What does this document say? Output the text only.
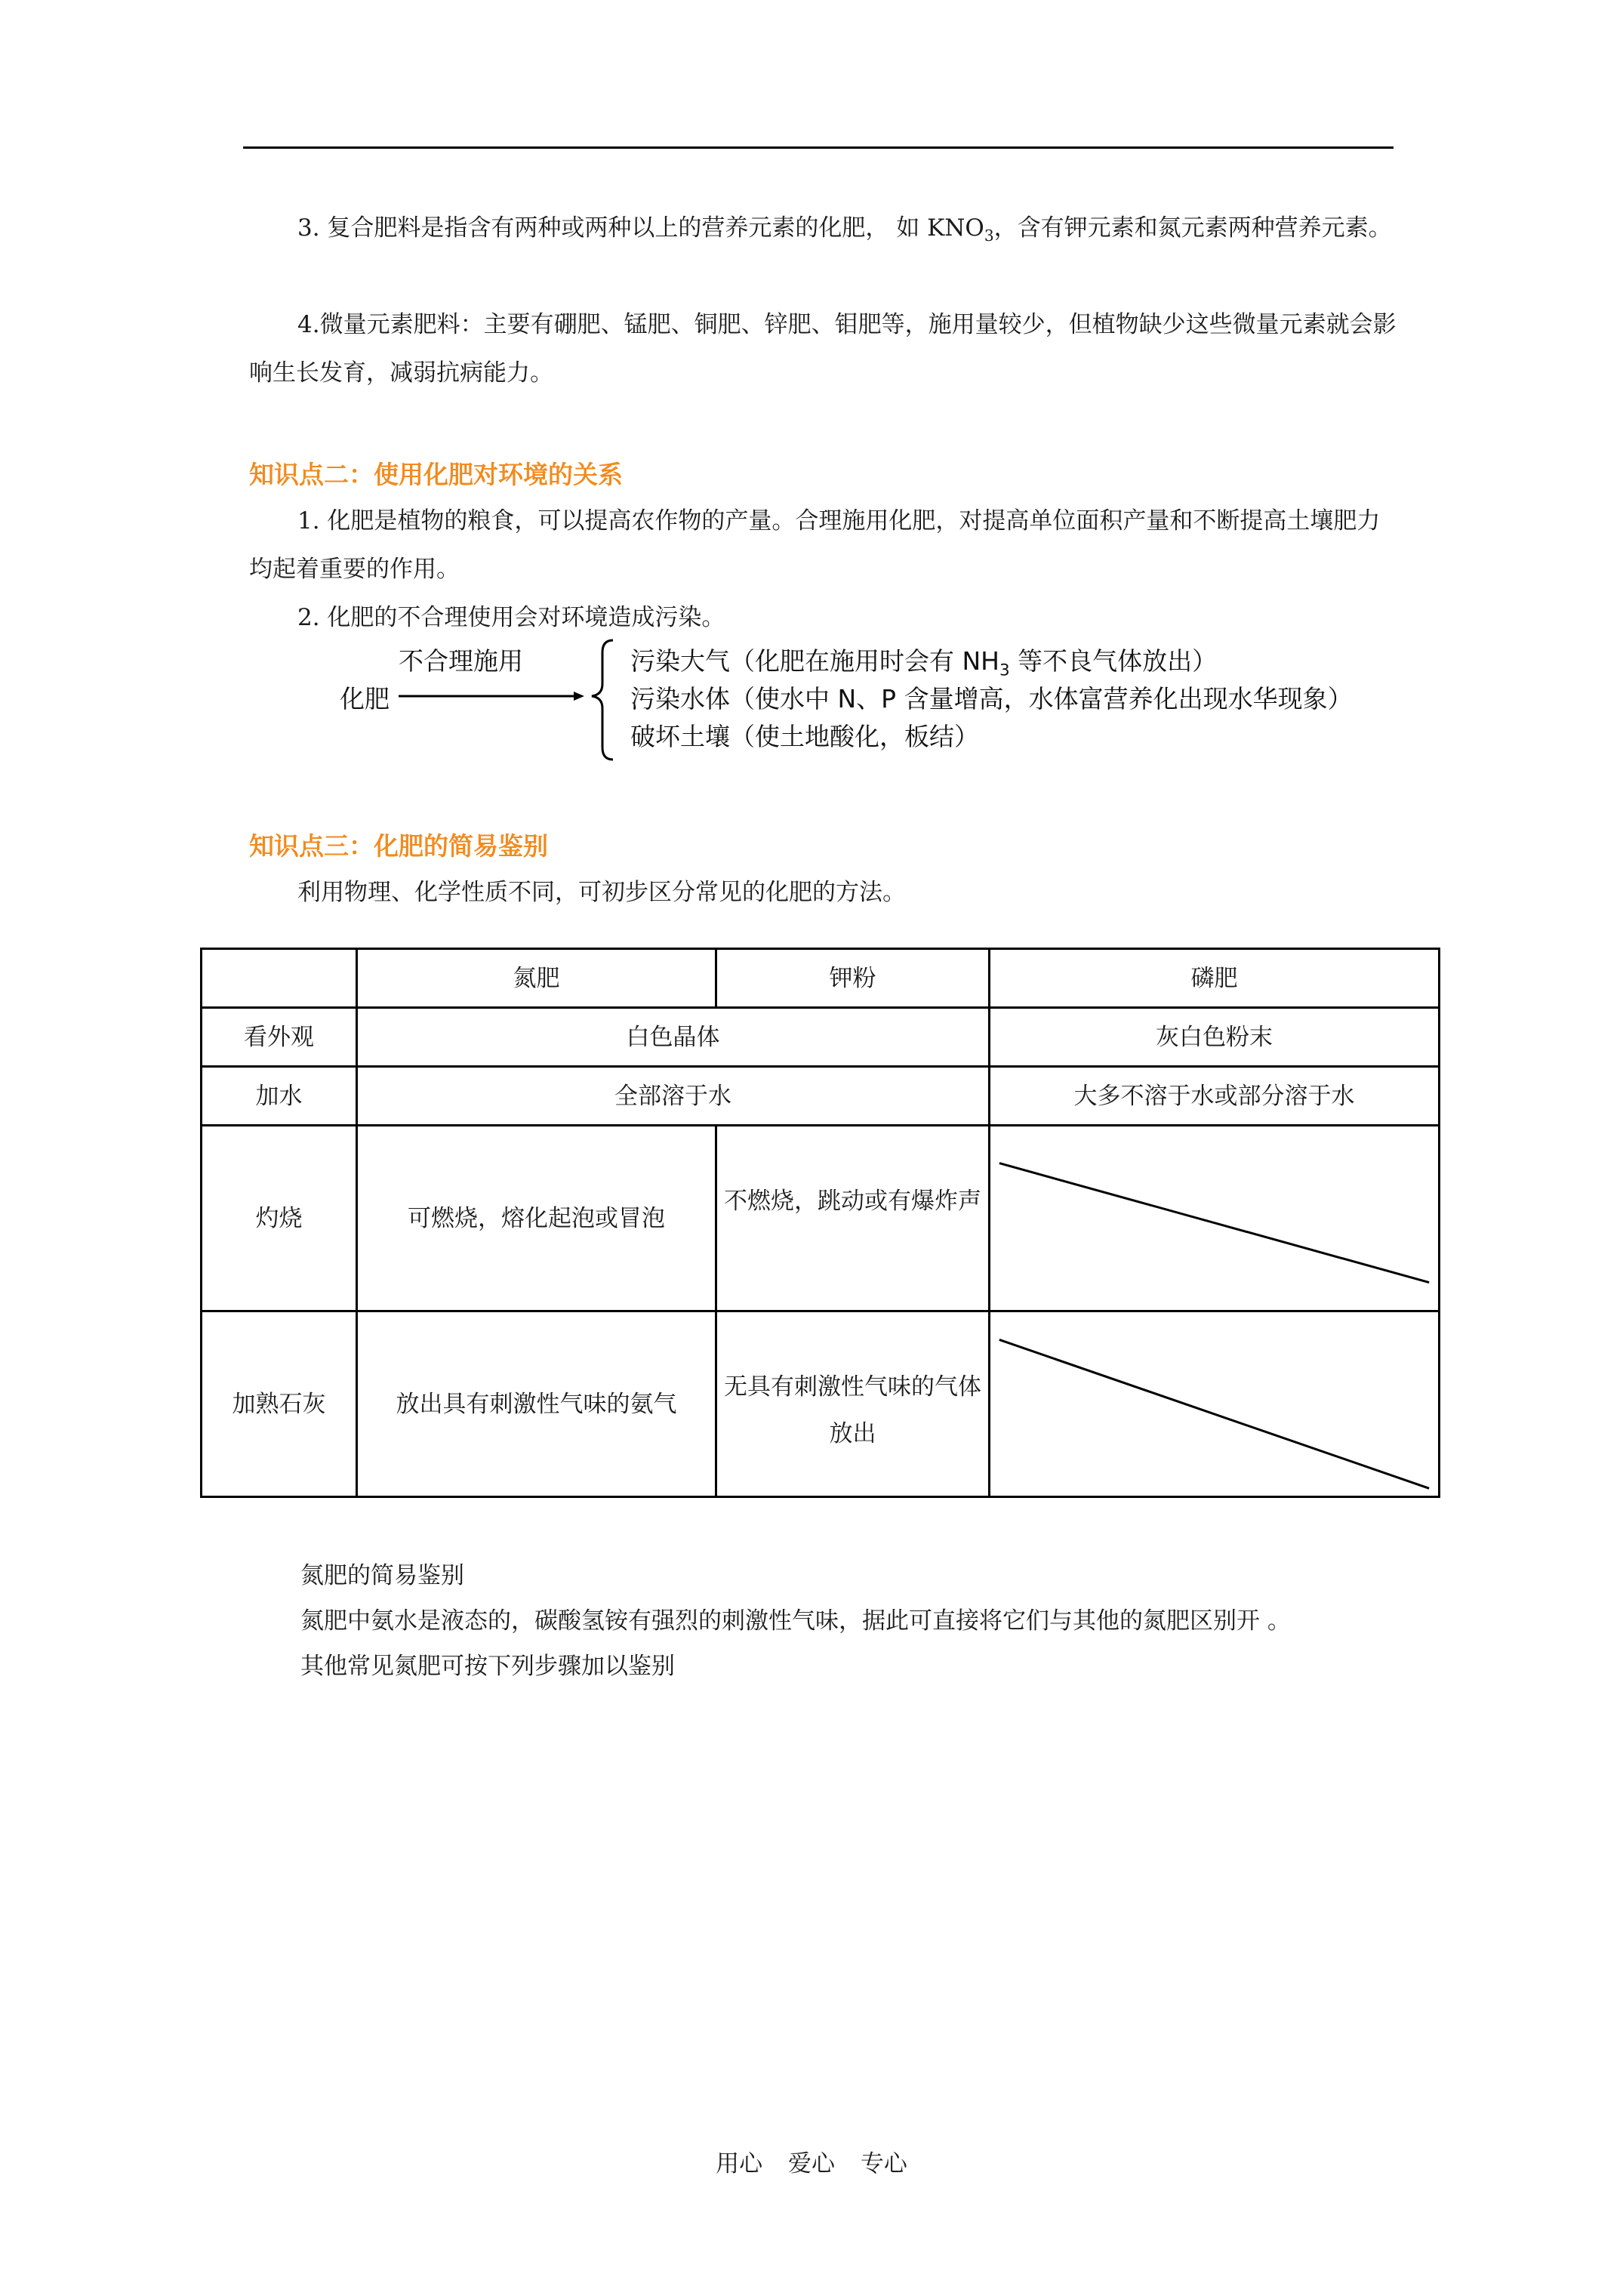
3. 复合肥料是指含有两种或两种以上的营养元素的化肥， 如 $KNO_3$，含有钾元素和氮元素两种营养元素。

4.微量元素肥料：主要有硼肥、锰肥、铜肥、锌肥、钼肥等，施用量较少，但植物缺少这些微量元素就会影响生长发育，减弱抗病能力。

知识点二：使用化肥对环境的关系

1. 化肥是植物的粮食，可以提高农作物的产量。合理施用化肥，对提高单位面积产量和不断提高土壤肥力均起着重要的作用。

2. 化肥的不合理使用会对环境造成污染。

化肥
不合理施用	污染大气（化肥在施用时会有 $NH_3$ 等不良气体放出）
污染水体（使水中 N、P 含量增高，水体富营养化出现水华现象）
破坏土壤（使土地酸化，板结）
知识点三：化肥的简易鉴别

利用物理、化学性质不同，可初步区分常见的化肥的方法。

	氮肥	钾粉	磷肥
看外观	白色晶体		灰白色粉末
加水	全部溶于水		大多不溶于水或部分溶于水
灼烧	可燃烧，熔化起泡或冒泡	不燃烧，跳动或有爆炸声	

加熟石灰	放出具有刺激性气味的氨气	无具有刺激性气味的气体放出	

氮肥的简易鉴别

氮肥中氨水是液态的，碳酸氢铵有强烈的刺激性气味，据此可直接将它们与其他的氮肥区别开 。

其他常见氮肥可按下列步骤加以鉴别

用心 爱心 专心
